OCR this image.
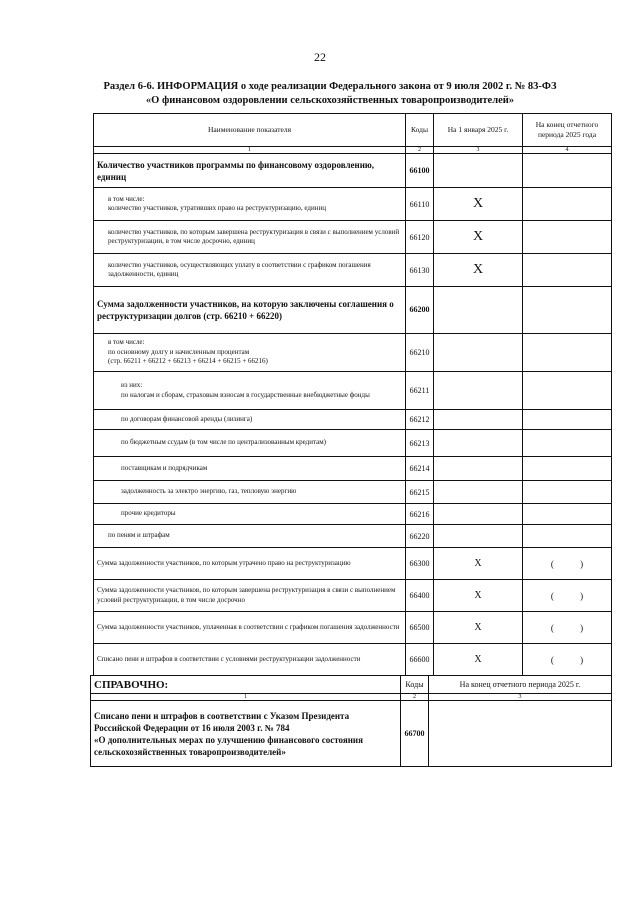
22
Раздел 6-6. ИНФОРМАЦИЯ о ходе реализации Федерального закона от 9 июля 2002 г. № 83-ФЗ
«О финансовом оздоровлении сельскохозяйственных товаропроизводителей»
Наименование показателя	Коды	На 1 января 2025 г.	На конец отчетного периода 2025 года
1	2	3	4
Количество участников программы по финансовому оздоровлению, единиц	66100		
в том числе:
количество участников, утративших право на реструктуризацию, единиц	66110	X	
количество участников, по которым завершена реструктуризация в связи с выполнением условий реструктуризации, в том числе досрочно, единиц	66120	X	
количество участников, осуществляющих уплату в соответствии с графиком погашения задолженности, единиц	66130	X	
Сумма задолженности участников, на которую заключены соглашения о реструктуризации долгов (стр. 66210 + 66220)	66200		
в том числе:
по основному долгу и начисленным процентам
(стр. 66211 + 66212 + 66213 + 66214 + 66215 + 66216)	66210		
из них:
по налогам и сборам, страховым взносам в государственные внебюджетные фонды	66211		
по договорам финансовой аренды (лизинга)	66212		
по бюджетным ссудам (в том числе по централизованным кредитам)	66213		
поставщикам и подрядчикам	66214		
задолженность за электро энергию, газ, тепловую энергию	66215		
прочие кредиторы	66216		
по пеням и штрафам	66220		
Сумма задолженности участников, по которым утрачено право на реструктуризацию	66300	X	( )
Сумма задолженности участников, по которым завершена реструктуризация в связи с выполнением условий реструктуризации, в том числе досрочно	66400	X	( )
Сумма задолженности участников, уплаченная в соответствии с графиком погашения задолженности	66500	X	( )
Списано пени и штрафов в соответствии с условиями реструктуризации задолженности	66600	X	( )
СПРАВОЧНО:	Коды	На конец отчетного периода 2025 г.
1	2	3
Списано пени и штрафов в соответствии с Указом Президента Российской Федерации от 16 июля 2003 г. № 784
«О дополнительных мерах по улучшению финансового состояния сельскохозяйственных товаропроизводителей»	66700	
